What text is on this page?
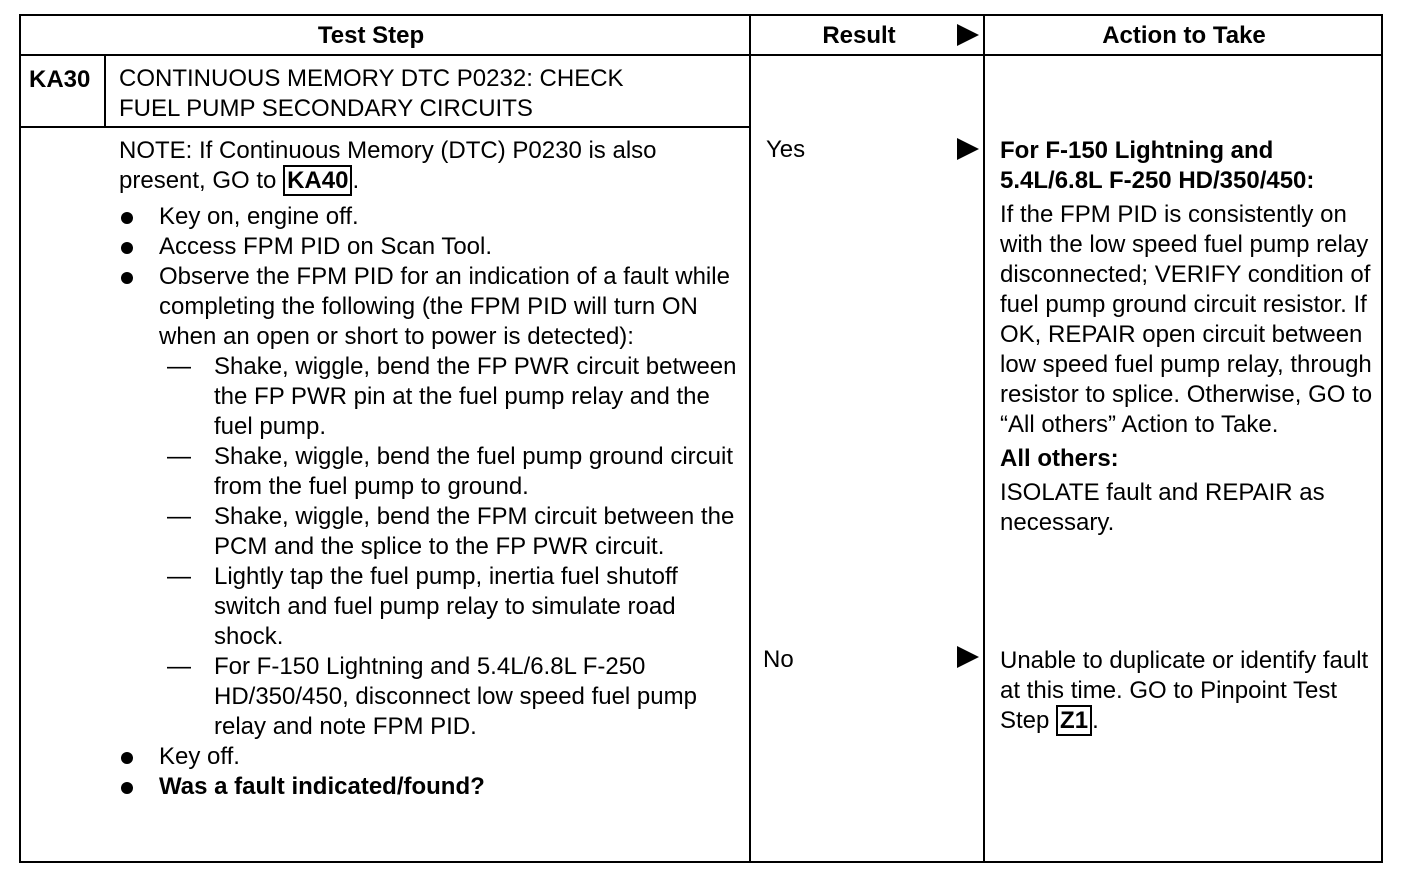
Test Step	Result	Action to Take
KA30 CONTINUOUS MEMORY DTC P0232: CHECK
FUEL PUMP SECONDARY CIRCUITS

NOTE: If Continuous Memory (DTC) P0230 is also present, GO to KA40 .

Key on, engine off.
Access FPM PID on Scan Tool.
Observe the FPM PID for an indication of a fault while completing the following (the FPM PID will turn ON when an open or short to power is detected):
— Shake, wiggle, bend the FP PWR circuit between the FP PWR pin at the fuel pump relay and the fuel pump.
— Shake, wiggle, bend the fuel pump ground circuit from the fuel pump to ground.
— Shake, wiggle, bend the FPM circuit between the PCM and the splice to the FP PWR circuit.
— Lightly tap the fuel pump, inertia fuel shutoff switch and fuel pump relay to simulate road shock.
— For F-150 Lightning and 5.4L/6.8L F-250 HD/350/450, disconnect low speed fuel pump relay and note FPM PID.
Key off.
Was a fault indicated/found?
Yes
No

For F-150 Lightning and 5.4L/6.8L F-250 HD/350/450:

If the FPM PID is consistently on with the low speed fuel pump relay disconnected; VERIFY condition of fuel pump ground circuit resistor. If OK, REPAIR open circuit between low speed fuel pump relay, through resistor to splice. Otherwise, GO to “All others” Action to Take.

All others:

ISOLATE fault and REPAIR as necessary.

Unable to duplicate or identify fault at this time. GO to Pinpoint Test Step Z1 .
